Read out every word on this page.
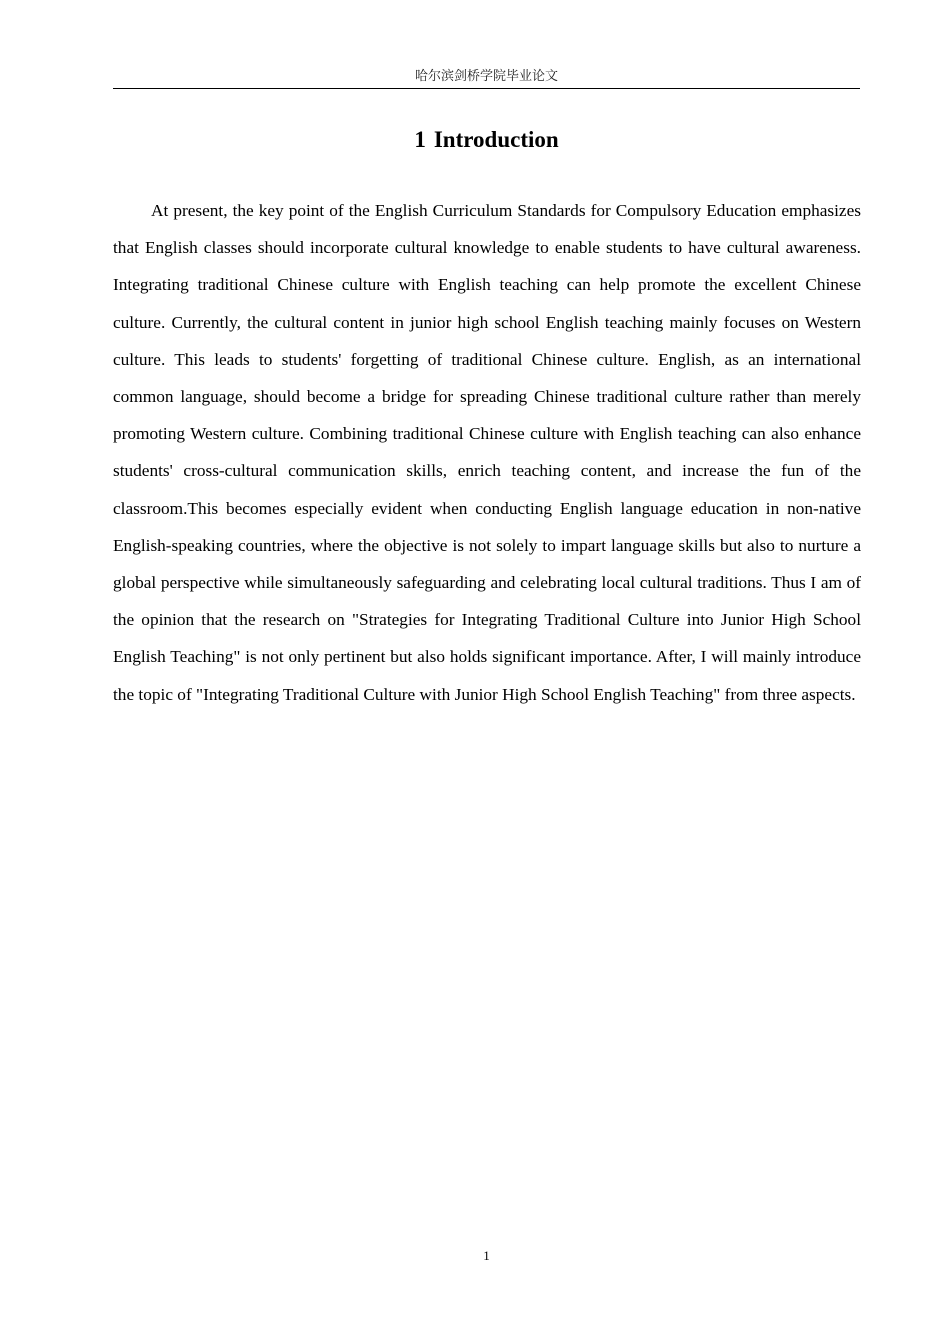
哈尔滨剑桥学院毕业论文
1 Introduction

At present, the key point of the English Curriculum Standards for Compulsory Education emphasizes that English classes should incorporate cultural knowledge to enable students to have cultural awareness. Integrating traditional Chinese culture with English teaching can help promote the excellent Chinese culture. Currently, the cultural content in junior high school English teaching mainly focuses on Western culture. This leads to students' forgetting of traditional Chinese culture. English, as an international common language, should become a bridge for spreading Chinese traditional culture rather than merely promoting Western culture. Combining traditional Chinese culture with English teaching can also enhance students' cross-cultural communication skills, enrich teaching content, and increase the fun of the classroom.This becomes especially evident when conducting English language education in non-native English-speaking countries, where the objective is not solely to impart language skills but also to nurture a global perspective while simultaneously safeguarding and celebrating local cultural traditions. Thus I am of the opinion that the research on "Strategies for Integrating Traditional Culture into Junior High School English Teaching" is not only pertinent but also holds significant importance. After, I will mainly introduce the topic of "Integrating Traditional Culture with Junior High School English Teaching" from three aspects.

1
